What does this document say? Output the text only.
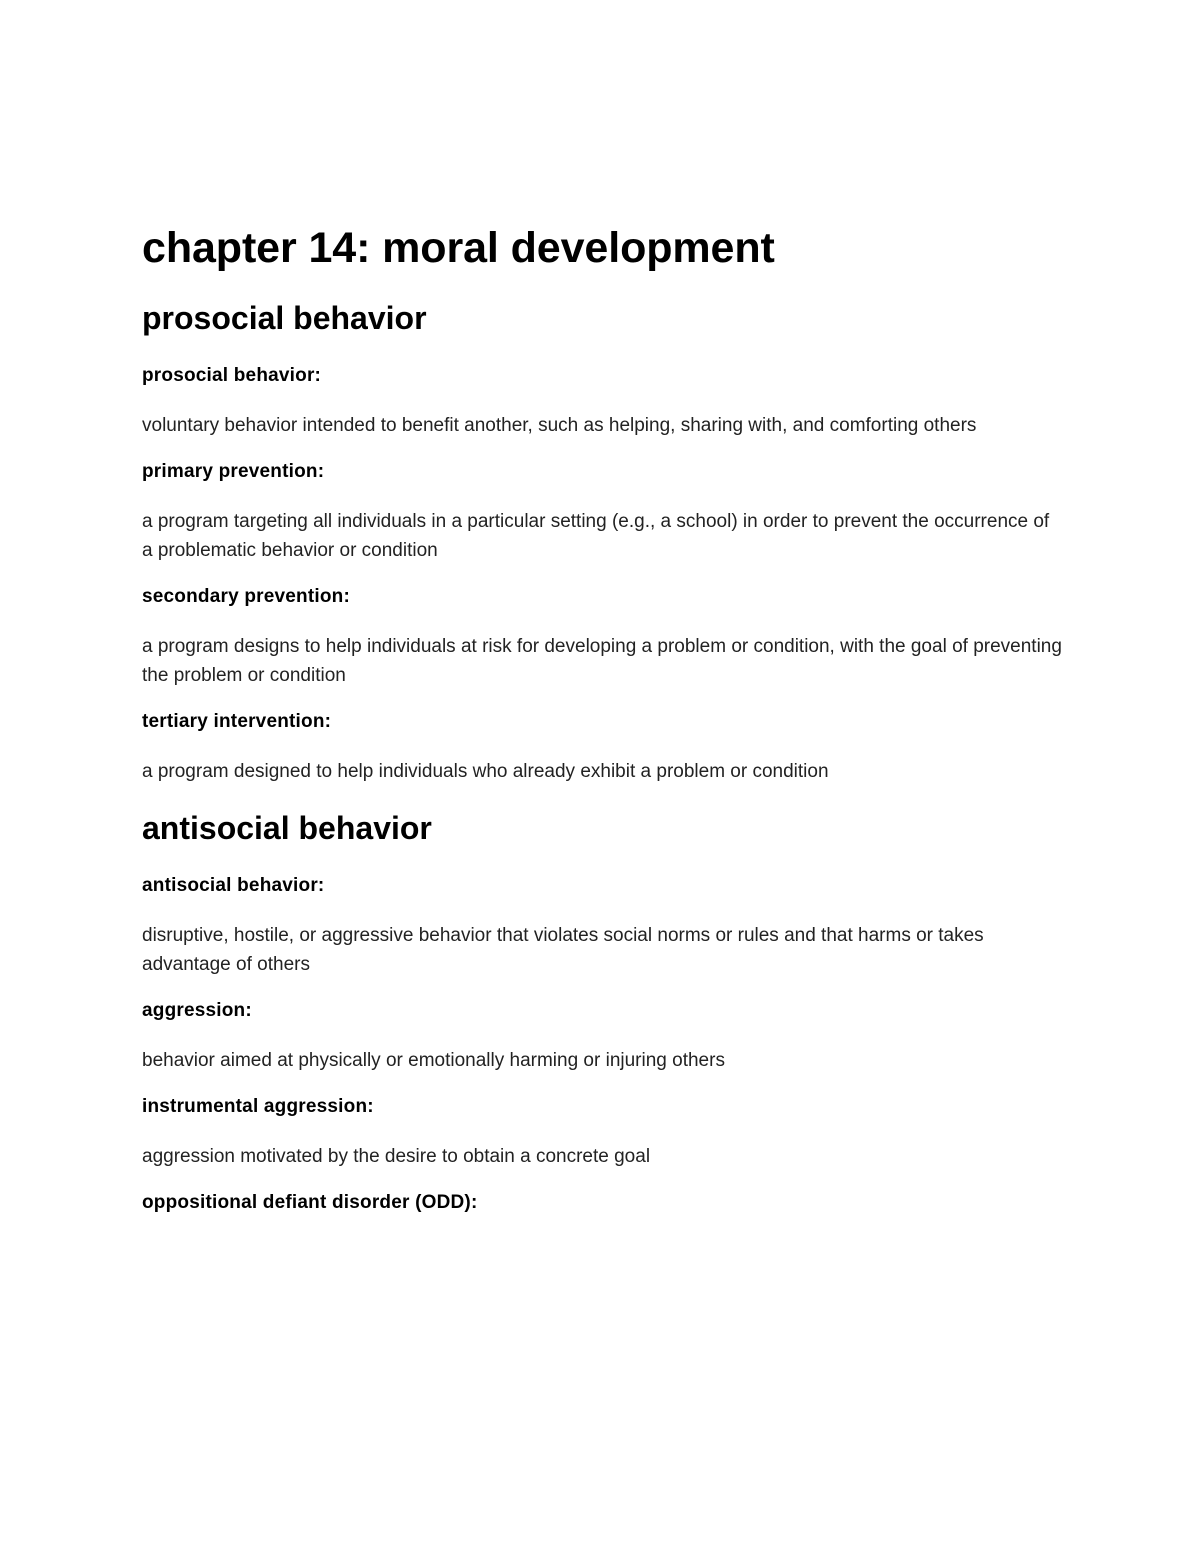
chapter 14: moral development
prosocial behavior
prosocial behavior:
voluntary behavior intended to benefit another, such as helping, sharing with, and comforting others
primary prevention:
a program targeting all individuals in a particular setting (e.g., a school) in order to prevent the occurrence of a problematic behavior or condition
secondary prevention:
a program designs to help individuals at risk for developing a problem or condition, with the goal of preventing the problem or condition
tertiary intervention:
a program designed to help individuals who already exhibit a problem or condition
antisocial behavior
antisocial behavior:
disruptive, hostile, or aggressive behavior that violates social norms or rules and that harms or takes advantage of others
aggression:
behavior aimed at physically or emotionally harming or injuring others
instrumental aggression:
aggression motivated by the desire to obtain a concrete goal
oppositional defiant disorder (ODD):
